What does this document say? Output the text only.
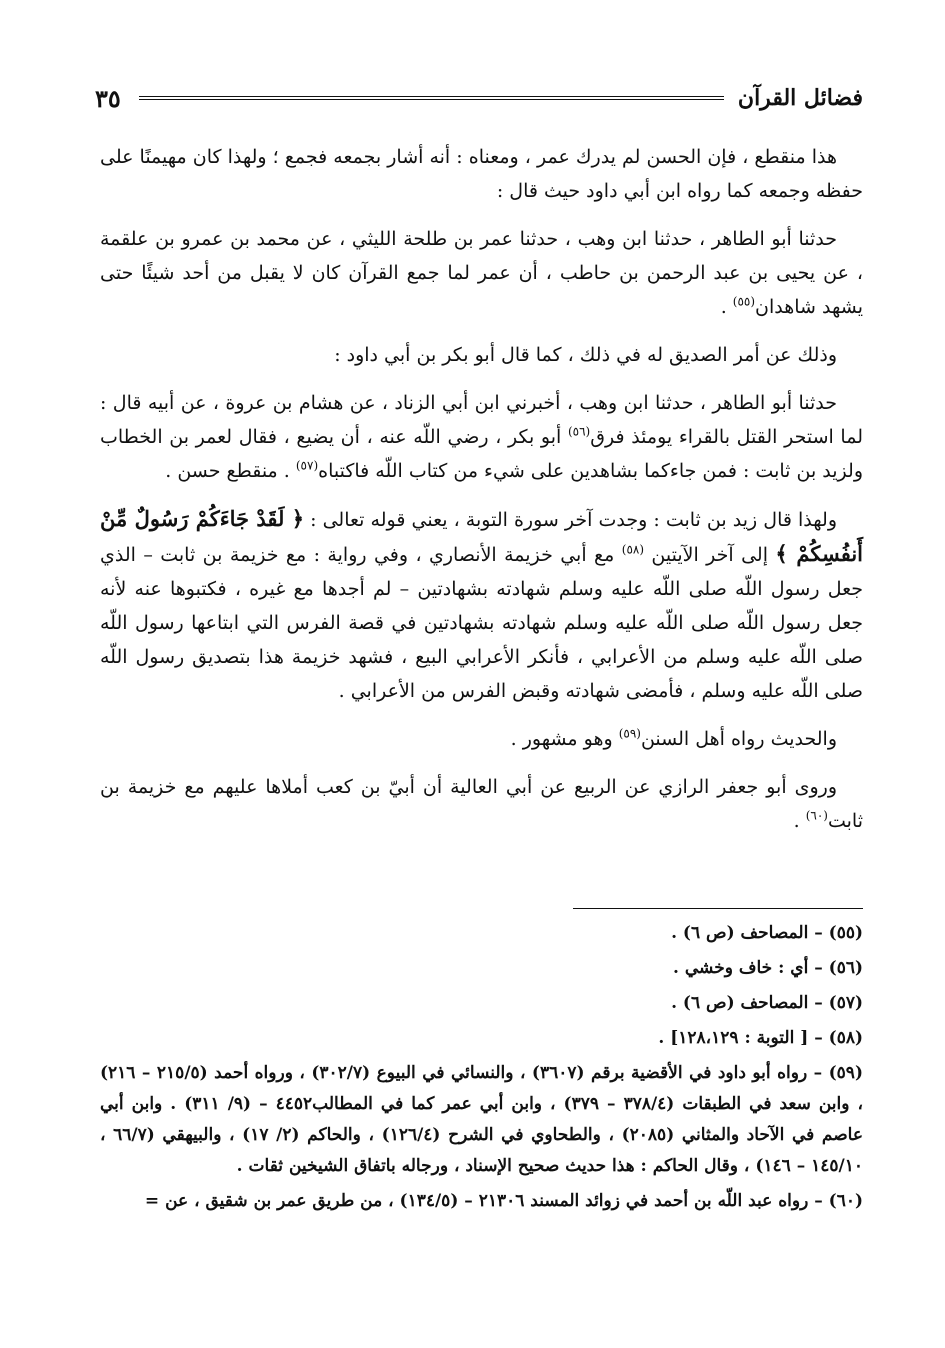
فضائل القرآن
٣٥

هذا منقطع ، فإن الحسن لم يدرك عمر ، ومعناه : أنه أشار بجمعه فجمع ؛ ولهذا كان مهيمنًا على حفظه وجمعه كما رواه ابن أبي داود حيث قال :

حدثنا أبو الطاهر ، حدثنا ابن وهب ، حدثنا عمر بن طلحة الليثي ، عن محمد بن عمرو بن علقمة ، عن يحيى بن عبد الرحمن بن حاطب ، أن عمر لما جمع القرآن كان لا يقبل من أحد شيئًا حتى يشهد شاهدان$^{(٥٥)}$ .

وذلك عن أمر الصديق له في ذلك ، كما قال أبو بكر بن أبي داود :

حدثنا أبو الطاهر ، حدثنا ابن وهب ، أخبرني ابن أبي الزناد ، عن هشام بن عروة ، عن أبيه قال : لما استحر القتل بالقراء يومئذ فرق$^{(٥٦)}$ أبو بكر ، رضي اللّه عنه ، أن يضيع ، فقال لعمر بن الخطاب ولزيد بن ثابت : فمن جاءكما بشاهدين على شيء من كتاب اللّه فاكتباه$^{(٥٧)}$ . منقطع حسن .

ولهذا قال زيد بن ثابت : وجدت آخر سورة التوبة ، يعني قوله تعالى : ﴿ لَقَدْ جَاءَكُمْ رَسُولٌ مِّنْ أَنفُسِكُمْ ﴾ إلى آخر الآيتين $^{(٥٨)}$ مع أبي خزيمة الأنصاري ، وفي رواية : مع خزيمة بن ثابت – الذي جعل رسول اللّه صلى اللّه عليه وسلم شهادته بشهادتين – لم أجدها مع غيره ، فكتبوها عنه لأنه جعل رسول اللّه صلى اللّه عليه وسلم شهادته بشهادتين في قصة الفرس التي ابتاعها رسول اللّه صلى اللّه عليه وسلم من الأعرابي ، فأنكر الأعرابي البيع ، فشهد خزيمة هذا بتصديق رسول اللّه صلى اللّه عليه وسلم ، فأمضى شهادته وقبض الفرس من الأعرابي .

والحديث رواه أهل السنن$^{(٥٩)}$ وهو مشهور .

وروى أبو جعفر الرازي عن الربيع عن أبي العالية أن أبيّ بن كعب أملاها عليهم مع خزيمة بن ثابت$^{(٦٠)}$ .

(٥٥) – المصاحف (ص ٦) .

(٥٦) – أي : خاف وخشي .

(٥٧) – المصاحف (ص ٦) .

(٥٨) – [ التوبة : ١٢٨،١٢٩] .

(٥٩) – رواه أبو داود في الأقضية برقم (٣٦٠٧) ، والنسائي في البيوع (٣٠٢/٧) ، ورواه أحمد (٢١٥/٥ – ٢١٦) ، وابن سعد في الطبقات (٣٧٨/٤ – ٣٧٩) ، وابن أبي عمر كما في المطالب٤٤٥٢ – (٩/ ٣١١) . وابن أبي عاصم في الآحاد والمثاني (٢٠٨٥) ، والطحاوي في الشرح (١٢٦/٤) ، والحاكم (٢/ ١٧) ، والبيهقي (٦٦/٧ ، ١٤٥/١٠ – ١٤٦) ، وقال الحاكم : هذا حديث صحيح الإسناد ، ورجاله باتفاق الشيخين ثقات .

(٦٠) – رواه عبد اللّه بن أحمد في زوائد المسند ٢١٣٠٦ – (١٣٤/٥) ، من طريق عمر بن شقيق ، عن =
